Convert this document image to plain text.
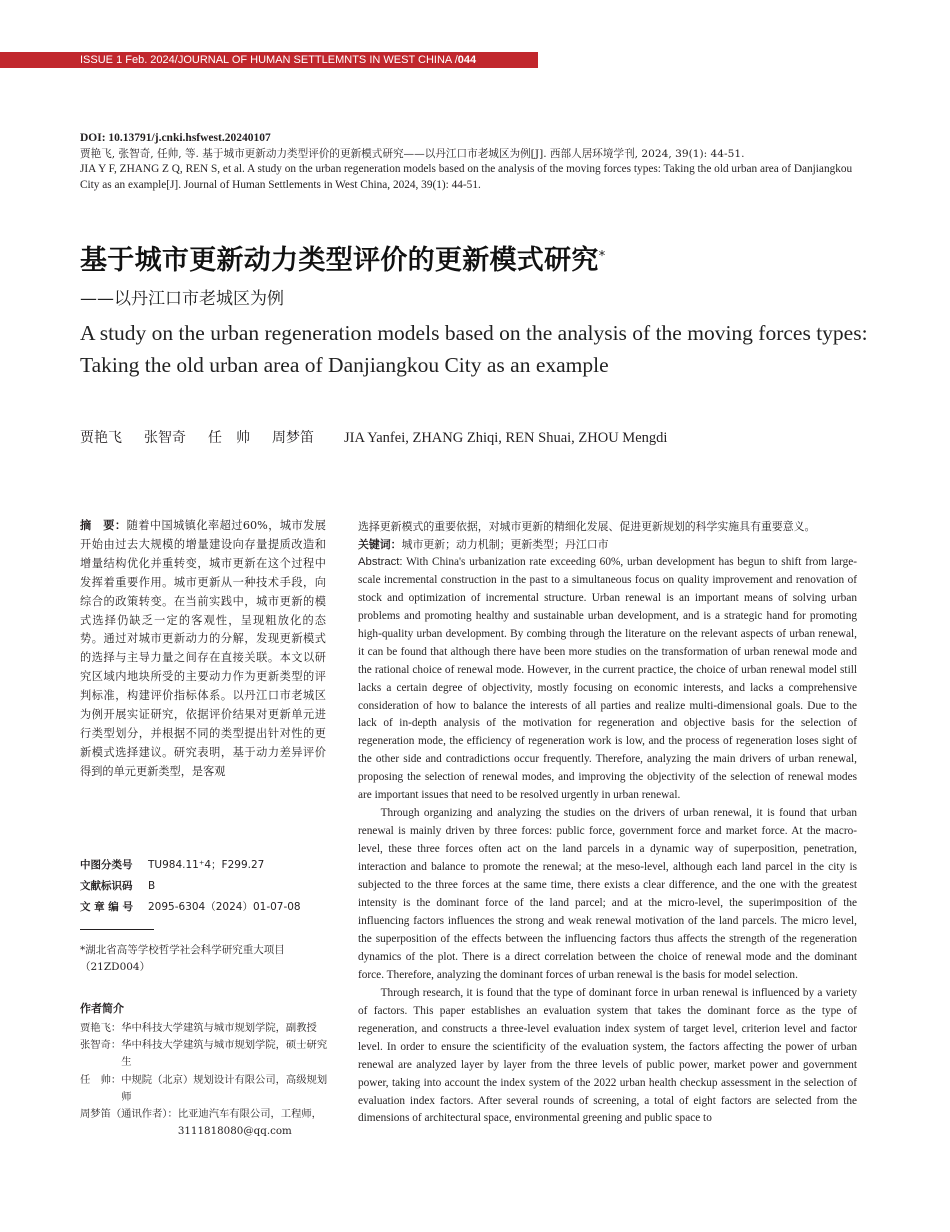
ISSUE 1 Feb. 2024/JOURNAL OF HUMAN SETTLEMNTS IN WEST CHINA /044
DOI: 10.13791/j.cnki.hsfwest.20240107
贾艳飞, 张智奇, 任帅, 等. 基于城市更新动力类型评价的更新模式研究——以丹江口市老城区为例[J]. 西部人居环境学刊, 2024, 39(1): 44-51.
JIA Y F, ZHANG Z Q, REN S, et al. A study on the urban regeneration models based on the analysis of the moving forces types: Taking the old urban area of Danjiangkou City as an example[J]. Journal of Human Settlements in West China, 2024, 39(1): 44-51.
基于城市更新动力类型评价的更新模式研究*
——以丹江口市老城区为例
A study on the urban regeneration models based on the analysis of the moving forces types: Taking the old urban area of Danjiangkou City as an example
贾艳飞 张智奇 任　帅 周梦笛 JIA Yanfei, ZHANG Zhiqi, REN Shuai, ZHOU Mengdi

摘　要：随着中国城镇化率超过60%，城市发展开始由过去大规模的增量建设向存量提质改造和增量结构优化并重转变，城市更新在这个过程中发挥着重要作用。城市更新从一种技术手段，向综合的政策转变。在当前实践中，城市更新的模式选择仍缺乏一定的客观性，呈现粗放化的态势。通过对城市更新动力的分解，发现更新模式的选择与主导力量之间存在直接关联。本文以研究区域内地块所受的主要动力作为更新类型的评判标准，构建评价指标体系。以丹江口市老城区为例开展实证研究，依据评价结果对更新单元进行类型划分，并根据不同的类型提出针对性的更新模式选择建议。研究表明，基于动力差异评价得到的单元更新类型，是客观

中图分类号 TU984.11⁺4；F299.27
文献标识码 B
文 章 编 号 2095-6304（2024）01-07-08
*湖北省高等学校哲学社会科学研究重大项目（21ZD004）
作者简介
贾艳飞： 华中科技大学建筑与城市规划学院，副教授
张智奇： 华中科技大学建筑与城市规划学院，硕士研究生
任　帅： 中规院（北京）规划设计有限公司，高级规划师
周梦笛（通讯作者）： 比亚迪汽车有限公司，工程师，3111818080@qq.com

选择更新模式的重要依据，对城市更新的精细化发展、促进更新规划的科学实施具有重要意义。

关键词：城市更新；动力机制；更新类型；丹江口市

Abstract: With China's urbanization rate exceeding 60%, urban development has begun to shift from large-scale incremental construction in the past to a simultaneous focus on quality improvement and renovation of stock and optimization of incremental structure. Urban renewal is an important means of solving urban problems and promoting healthy and sustainable urban development, and is a strategic hand for promoting high-quality urban development. By combing through the literature on the relevant aspects of urban renewal, it can be found that although there have been more studies on the transformation of urban renewal mode and the rational choice of renewal mode. However, in the current practice, the choice of urban renewal model still lacks a certain degree of objectivity, mostly focusing on economic interests, and lacks a comprehensive consideration of how to balance the interests of all parties and realize multi-dimensional goals. Due to the lack of in-depth analysis of the motivation for regeneration and objective basis for the selection of regeneration mode, the efficiency of regeneration work is low, and the process of regeneration loses sight of the other side and contradictions occur frequently. Therefore, analyzing the main drivers of urban renewal, proposing the selection of renewal modes, and improving the objectivity of the selection of renewal modes are important issues that need to be resolved urgently in urban renewal.

Through organizing and analyzing the studies on the drivers of urban renewal, it is found that urban renewal is mainly driven by three forces: public force, government force and market force. At the macro-level, these three forces often act on the land parcels in a dynamic way of superposition, penetration, interaction and balance to promote the renewal; at the meso-level, although each land parcel in the city is subjected to the three forces at the same time, there exists a clear difference, and the one with the greatest intensity is the dominant force of the land parcel; and at the micro-level, the superimposition of the influencing factors influences the strong and weak renewal motivation of the land parcels. The micro level, the superposition of the effects between the influencing factors thus affects the strength of the regeneration dynamics of the plot. There is a direct correlation between the choice of renewal mode and the dominant force. Therefore, analyzing the dominant forces of urban renewal is the basis for model selection.

Through research, it is found that the type of dominant force in urban renewal is influenced by a variety of factors. This paper establishes an evaluation system that takes the dominant force as the type of regeneration, and constructs a three-level evaluation index system of target level, criterion level and factor level. In order to ensure the scientificity of the evaluation system, the factors affecting the power of urban renewal are analyzed layer by layer from the three levels of public power, market power and government power, taking into account the index system of the 2022 urban health checkup assessment in the selection of evaluation index factors. After several rounds of screening, a total of eight factors are selected from the dimensions of architectural space, environmental greening and public space to
